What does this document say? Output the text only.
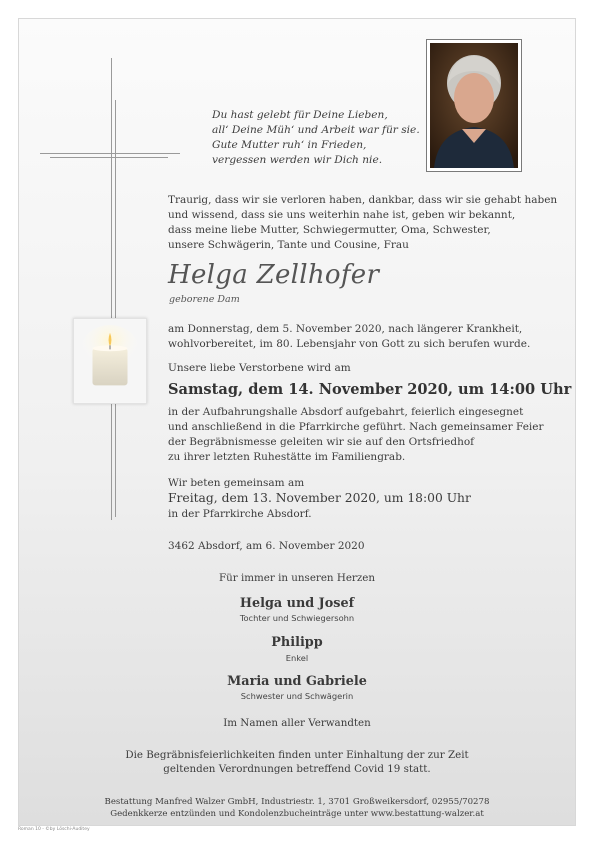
Du hast gelebt für Deine Lieben,
all‘ Deine Müh‘ und Arbeit war für sie.
Gute Mutter ruh‘ in Frieden,
vergessen werden wir Dich nie.
Traurig, dass wir sie verloren haben, dankbar, dass wir sie gehabt haben
und wissend, dass sie uns weiterhin nahe ist, geben wir bekannt,
dass meine liebe Mutter, Schwiegermutter, Oma, Schwester,
unsere Schwägerin, Tante und Cousine, Frau
Helga Zellhofer
geborene Dam
am Donnerstag, dem 5. November 2020, nach längerer Krankheit,
wohlvorbereitet, im 80. Lebensjahr von Gott zu sich berufen wurde.
Unsere liebe Verstorbene wird am
Samstag, dem 14. November 2020, um 14:00 Uhr
in der Aufbahrungshalle Absdorf aufgebahrt, feierlich eingesegnet
und anschließend in die Pfarrkirche geführt. Nach gemeinsamer Feier
der Begräbnismesse geleiten wir sie auf den Ortsfriedhof
zu ihrer letzten Ruhestätte im Familiengrab.
Wir beten gemeinsam am
Freitag, dem 13. November 2020, um 18:00 Uhr
in der Pfarrkirche Absdorf.
3462 Absdorf, am 6. November 2020
Für immer in unseren Herzen
Helga und Josef
Tochter und Schwiegersohn
Philipp
Enkel
Maria und Gabriele
Schwester und Schwägerin
Im Namen aller Verwandten
Die Begräbnisfeierlichkeiten finden unter Einhaltung der zur Zeit
geltenden Verordnungen betreffend Covid 19 statt.
Bestattung Manfred Walzer GmbH, Industriestr. 1, 3701 Großweikersdorf, 02955/70278
Gedenkkerze entzünden und Kondolenzbucheinträge unter www.bestattung-walzer.at
Roman 10 - ©by Löschi-Auditey
